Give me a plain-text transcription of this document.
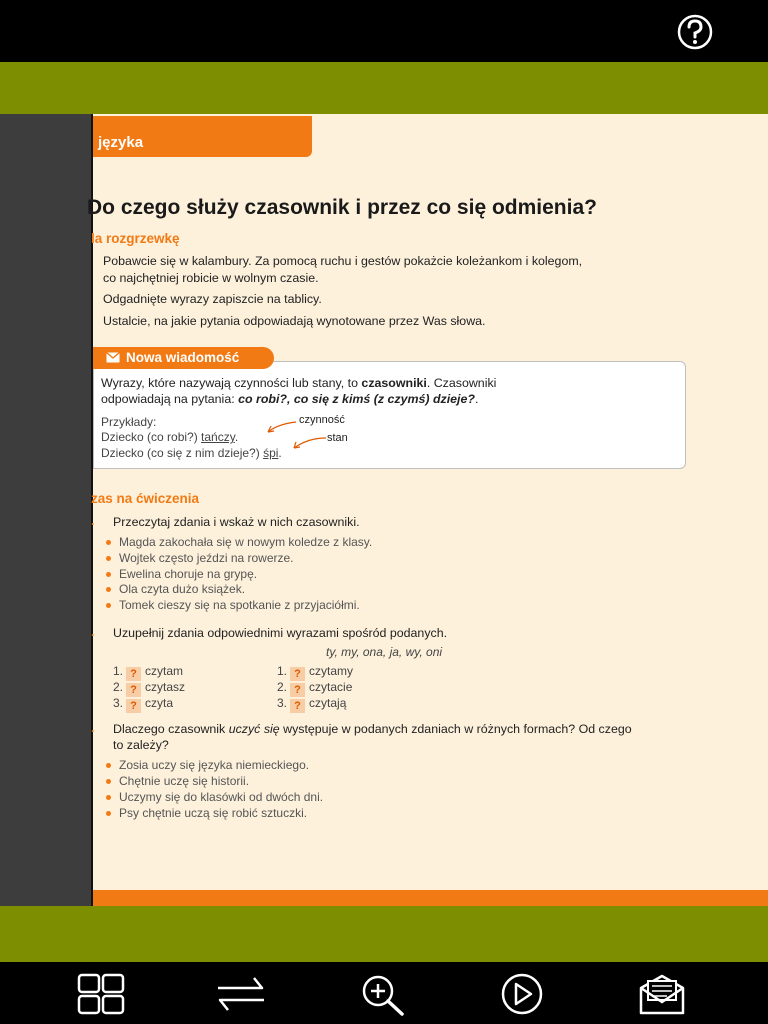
języka
Do czego służy czasownik i przez co się odmienia?
la rozgrzewkę
Pobawcie się w kalambury. Za pomocą ruchu i gestów pokażcie koleżankom i kolegom,
co najchętniej robicie w wolnym czasie.
Odgadnięte wyrazy zapiszcie na tablicy.
Ustalcie, na jakie pytania odpowiadają wynotowane przez Was słowa.
Nowa wiadomość
Wyrazy, które nazywają czynności lub stany, to czasowniki. Czasowniki
odpowiadają na pytania: co robi?, co się z kimś (z czymś) dzieje?.
Przykłady:
Dziecko (co robi?) tańczy.
Dziecko (co się z nim dzieje?) śpi.
czynność
stan
zas na ćwiczenia
. Przeczytaj zdania i wskaż w nich czasowniki.
Magda zakochała się w nowym koledze z klasy.
Wojtek często jeździ na rowerze.
Ewelina choruje na grypę.
Ola czyta dużo książek.
Tomek cieszy się na spotkanie z przyjaciółmi.
. Uzupełnij zdania odpowiednimi wyrazami spośród podanych.
ty, my, ona, ja, wy, oni
1. ? czytam
2. ? czytasz
3. ? czyta
1. ? czytamy
2. ? czytacie
3. ? czytają
. Dlaczego czasownik uczyć się występuje w podanych zdaniach w różnych formach? Od czego
to zależy?
Zosia uczy się języka niemieckiego.
Chętnie uczę się historii.
Uczymy się do klasówki od dwóch dni.
Psy chętnie uczą się robić sztuczki.
